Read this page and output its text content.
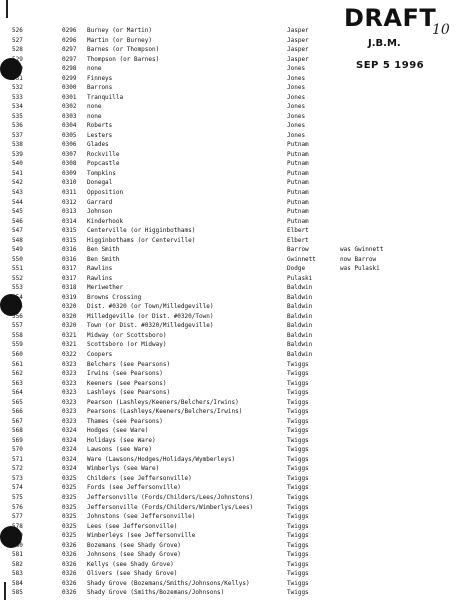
DRAFT
10
J.B.M.
SEP 5 1996
526	0296 Burney (or Martin)	Jasper
527	0296 Martin (or Burney)	Jasper
528	0297 Barnes (or Thompson)	Jasper
529	0297 Thompson (or Barnes)	Jasper
530	0298 none	Jones
531	0299 Finneys	Jones
532	0300 Barrons	Jones
533	0301 Tranquilla	Jones
534	0302 none	Jones
535	0303 none	Jones
536	0304 Roberts	Jones
537	0305 Lesters	Jones
538	0306 Glades	Putnam
539	0307 Rockville	Putnam
540	0308 Popcastle	Putnam
541	0309 Tompkins	Putnam
542	0310 Donegal	Putnam
543	0311 Opposition	Putnam
544	0312 Garrard	Putnam
545	0313 Johnson	Putnam
546	0314 Kinderhook	Putnam
547	0315 Centerville (or Higginbothams)	Elbert
548	0315 Higginbothams (or Centerville)	Elbert
549	0316 Ben Smith	Barrow	was Gwinnett
550	0316 Ben Smith	Gwinnett	now Barrow
551	0317 Rawlins	Dodge	was Pulaski
552	0317 Rawlins	Pulaski
553	0318 Meriwether	Baldwin
554	0319 Browns Crossing	Baldwin
555	0320 Dist. #0320 (or Town/Milledgeville)	Baldwin
556	0320 Milledgeville (or Dist. #0320/Town)	Baldwin
557	0320 Town (or Dist. #0320/Milledgeville)	Baldwin
558	0321 Midway (or Scottsboro)	Baldwin
559	0321 Scottsboro (or Midway)	Baldwin
560	0322 Coopers	Baldwin
561	0323 Belchers (see Pearsons)	Twiggs
562	0323 Irwins (see Pearsons)	Twiggs
563	0323 Keeners (see Pearsons)	Twiggs
564	0323 Lashleys (see Pearsons)	Twiggs
565	0323 Pearson (Lashleys/Keeners/Belchers/Irwins)	Twiggs
566	0323 Pearsons (Lashleys/Keeners/Belchers/Irwins)	Twiggs
567	0323 Thames (see Pearsons)	Twiggs
568	0324 Hodges (see Ware)	Twiggs
569	0324 Holidays (see Ware)	Twiggs
570	0324 Lawsons (see Ware)	Twiggs
571	0324 Ware (Lawsons/Hodges/Holidays/Wymberleys)	Twiggs
572	0324 Wimberlys (see Ware)	Twiggs
573	0325 Childers (see Jeffersonville)	Twiggs
574	0325 Fords (see Jeffersonville)	Twiggs
575	0325 Jeffersonville (Fords/Childers/Lees/Johnstons)	Twiggs
576	0325 Jeffersonville (Fords/Childers/Wimberlys/Lees)	Twiggs
577	0325 Johnstons (see Jeffersonville)	Twiggs
578	0325 Lees (see Jeffersonville)	Twiggs
579	0325 Wimberleys (see Jeffersonville	Twiggs
580	0326 Bozemans (see Shady Grove)	Twiggs
581	0326 Johnsons (see Shady Grove)	Twiggs
582	0326 Kellys (see Shady Grove)	Twiggs
583	0326 Olivers (see Shady Grove)	Twiggs
584	0326 Shady Grove (Bozemans/Smiths/Johnsons/Kellys)	Twiggs
585	0326 Shady Grove (Smiths/Bozemans/Johnsons)	Twiggs
